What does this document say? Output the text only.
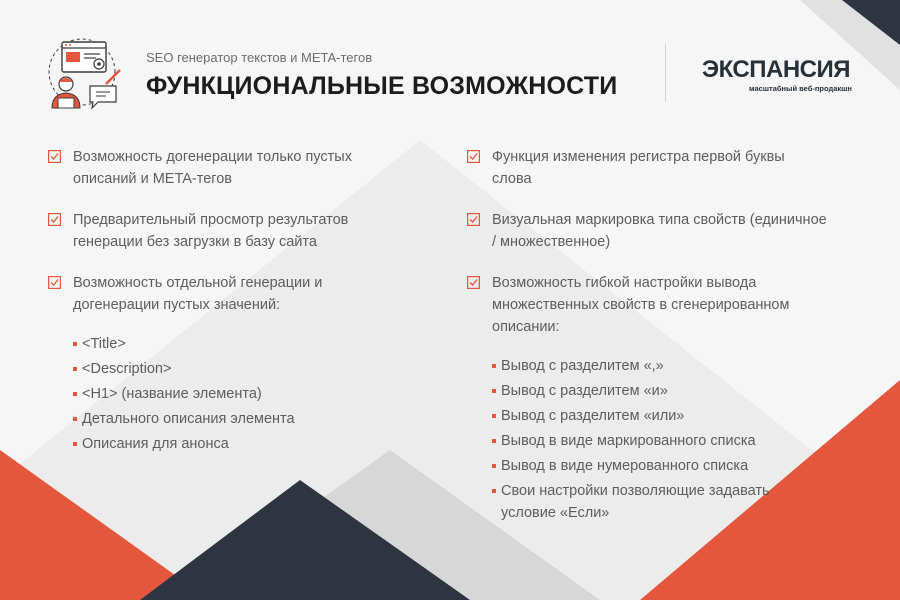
SEO генератор текстов и META-тегов
ФУНКЦИОНАЛЬНЫЕ ВОЗМОЖНОСТИ
ЭКСПАНСИЯ
масштабный веб-продакшн
Возможность догенерации только пустых описаний и META-тегов
Предварительный просмотр результатов генерации без загрузки в базу сайта
Возможность отдельной генерации и догенерации пустых значений:
<Title>
<Description>
<H1> (название элемента)
Детального описания элемента
Описания для анонса
Функция изменения регистра первой буквы слова
Визуальная маркировка типа свойств (единичное / множественное)
Возможность гибкой настройки вывода множественных свойств в сгенерированном описании:
Вывод с разделитем «,»
Вывод с разделитем «и»
Вывод с разделитем «или»
Вывод в виде маркированного списка
Вывод в виде нумерованного списка
Свои настройки позволяющие задавать условие «Если»
